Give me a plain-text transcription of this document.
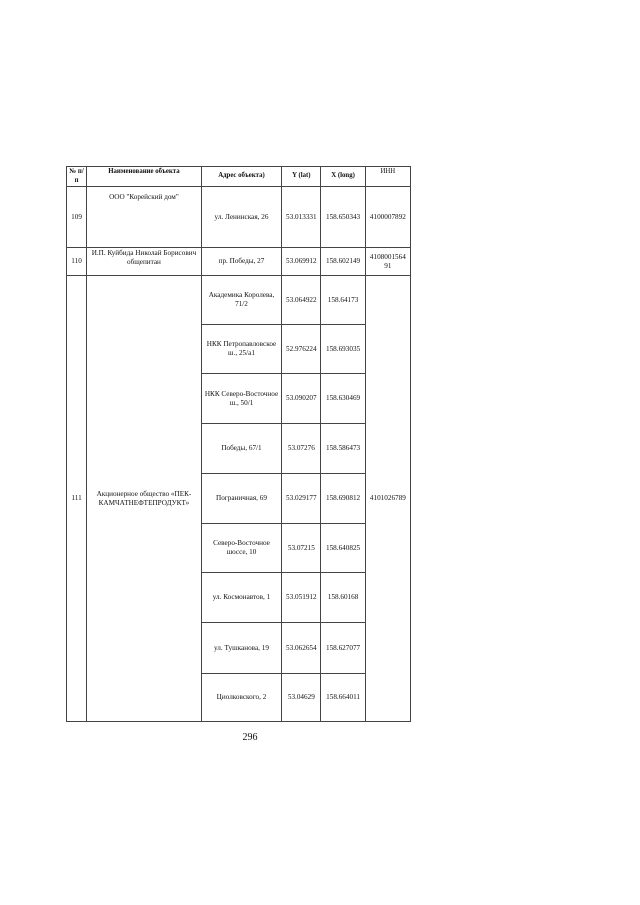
№ п/п	Наименование объекта	Адрес объекта)	Y (lat)	X (long)	ИНН
109	ООО "Корейский дом"	ул. Ленинская, 26	53.013331	158.650343	4100007892
110	И.П. Куйбида Николай Борисович общепитан	пр. Победы, 27	53.069912	158.602149	4108001564 91
111	Акционерное общество «ПЕК-КАМЧАТНЕФТЕПРОДУКТ»	Академика Королева, 71/2	53.064922	158.64173	4101026789
		НКК Петропавловское ш., 25/а1	52.976224	158.693035	
		НКК Северо-Восточное ш., 50/1	53.090207	158.630469	
		Победы, 67/1	53.07276	158.586473	
		Пограничная, 69	53.029177	158.690812	
		Северо-Восточное шоссе, 10	53.07215	158.640825	
		ул. Космонавтов, 1	53.051912	158.60168	
		ул. Тушканова, 19	53.062654	158.627077	
		Циолковского, 2	53.04629	158.664011	
296
